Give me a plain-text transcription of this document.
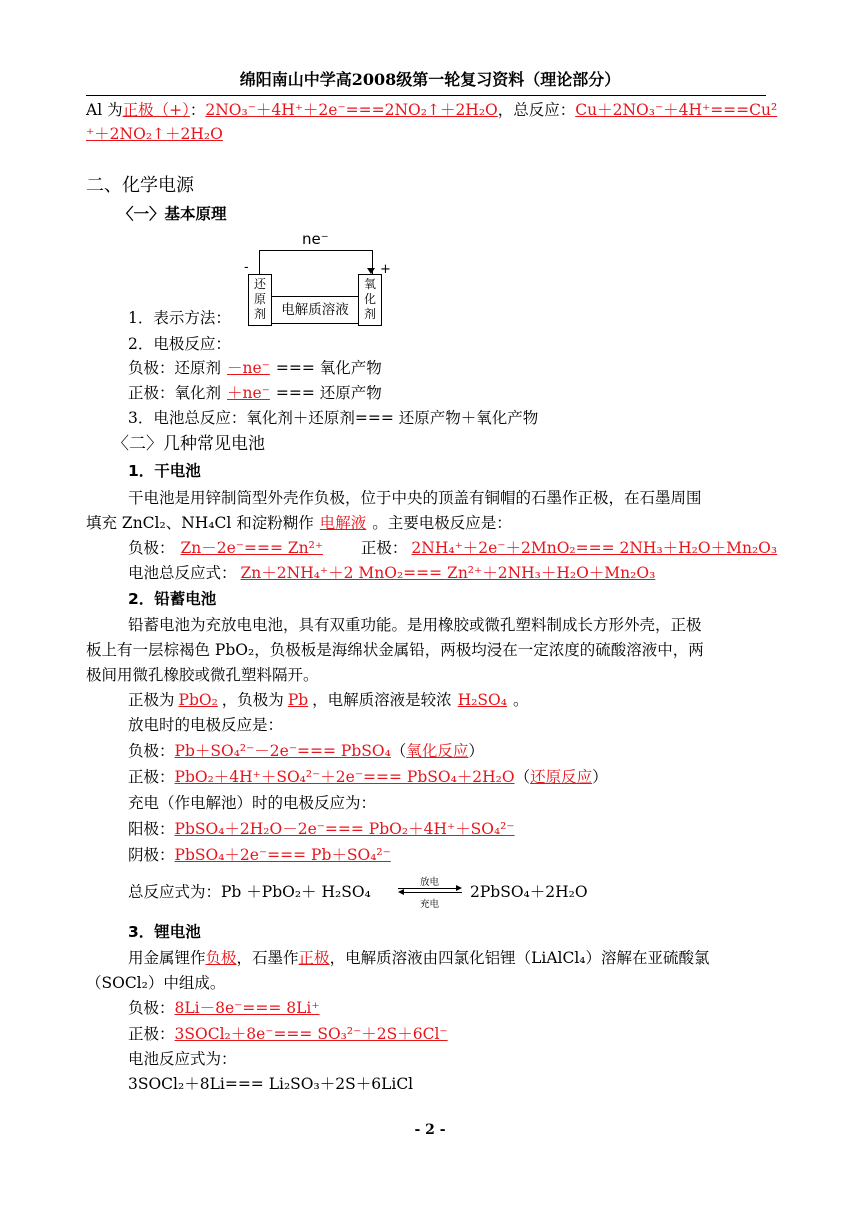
绵阳南山中学高2008级第一轮复习资料（理论部分）
Al 为正极（+）：2NO₃⁻＋4H⁺＋2e⁻===2NO₂↑＋2H₂O，总反应：Cu＋2NO₃⁻＋4H⁺===Cu²
⁺＋2NO₂↑＋2H₂O
二、化学电源
〈一〉基本原理
ne⁻
-	+
还
原
剂	电解质溶液
氧
化
剂
1．表示方法：
2．电极反应：
负极：还原剂 －ne⁻ === 氧化产物
正极：氧化剂 ＋ne⁻ === 还原产物
3．电池总反应：氧化剂＋还原剂=== 还原产物＋氧化产物
〈二〉几种常见电池
1．干电池
干电池是用锌制筒型外壳作负极，位于中央的顶盖有铜帽的石墨作正极，在石墨周围
填充 ZnCl₂、NH₄Cl 和淀粉糊作 电解液 。主要电极反应是：
负极： Zn－2e⁻=== Zn²⁺ 正极： 2NH₄⁺＋2e⁻＋2MnO₂=== 2NH₃＋H₂O＋Mn₂O₃
电池总反应式： Zn＋2NH₄⁺＋2 MnO₂=== Zn²⁺＋2NH₃＋H₂O＋Mn₂O₃
2．铅蓄电池
铅蓄电池为充放电电池，具有双重功能。是用橡胶或微孔塑料制成长方形外壳，正极
板上有一层棕褐色 PbO₂，负极板是海绵状金属铅，两极均浸在一定浓度的硫酸溶液中，两
极间用微孔橡胶或微孔塑料隔开。
正极为 PbO₂ ，负极为 Pb ，电解质溶液是较浓 H₂SO₄ 。
放电时的电极反应是：
负极：Pb＋SO₄²⁻－2e⁻=== PbSO₄（氧化反应）
正极：PbO₂＋4H⁺＋SO₄²⁻＋2e⁻=== PbSO₄＋2H₂O（还原反应）
充电（作电解池）时的电极反应为：
阳极：PbSO₄＋2H₂O－2e⁻=== PbO₂＋4H⁺＋SO₄²⁻
阴极：PbSO₄＋2e⁻=== Pb＋SO₄²⁻
总反应式为：Pb ＋PbO₂＋ H₂SO₄
放电
充电
2PbSO₄＋2H₂O
3．锂电池
用金属锂作负极，石墨作正极，电解质溶液由四氯化铝锂（LiAlCl₄）溶解在亚硫酸氯
（SOCl₂）中组成。
负极：8Li－8e⁻=== 8Li⁺
正极：3SOCl₂＋8e⁻=== SO₃²⁻＋2S＋6Cl⁻
电池反应式为：
3SOCl₂＋8Li=== Li₂SO₃＋2S＋6LiCl
- 2 -
